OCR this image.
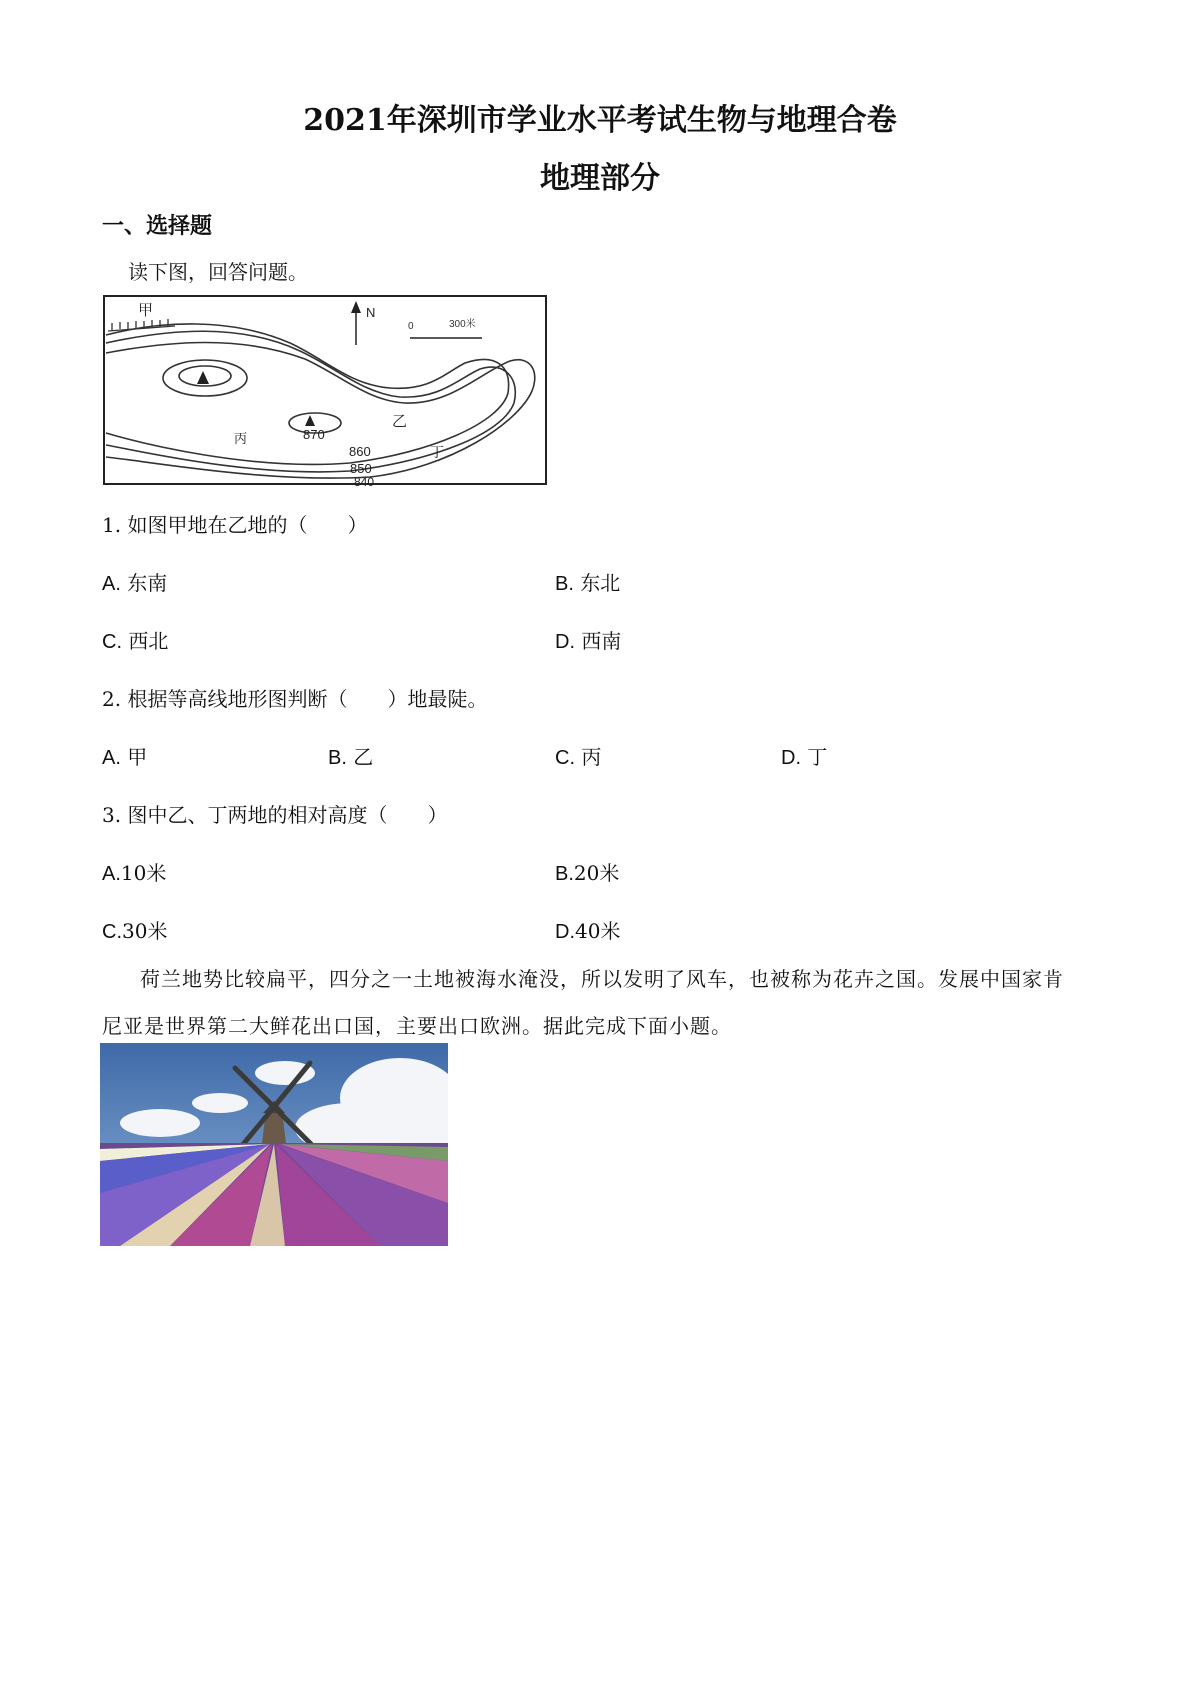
2021年深圳市学业水平考试生物与地理合卷
地理部分
一、选择题
读下图，回答问题。
N
0	300米
甲
乙
丙
丁
870
860
850
840
1. 如图甲地在乙地的（　　）
A. 东南	B. 东北
C. 西北	D. 西南
2. 根据等高线地形图判断（　　）地最陡。
A. 甲	B. 乙	C. 丙	D. 丁
3. 图中乙、丁两地的相对高度（　　）
A.10米	B.20米
C.30米	D.40米
荷兰地势比较扁平，四分之一土地被海水淹没，所以发明了风车，也被称为花卉之国。发展中国家肯
尼亚是世界第二大鲜花出口国，主要出口欧洲。据此完成下面小题。
